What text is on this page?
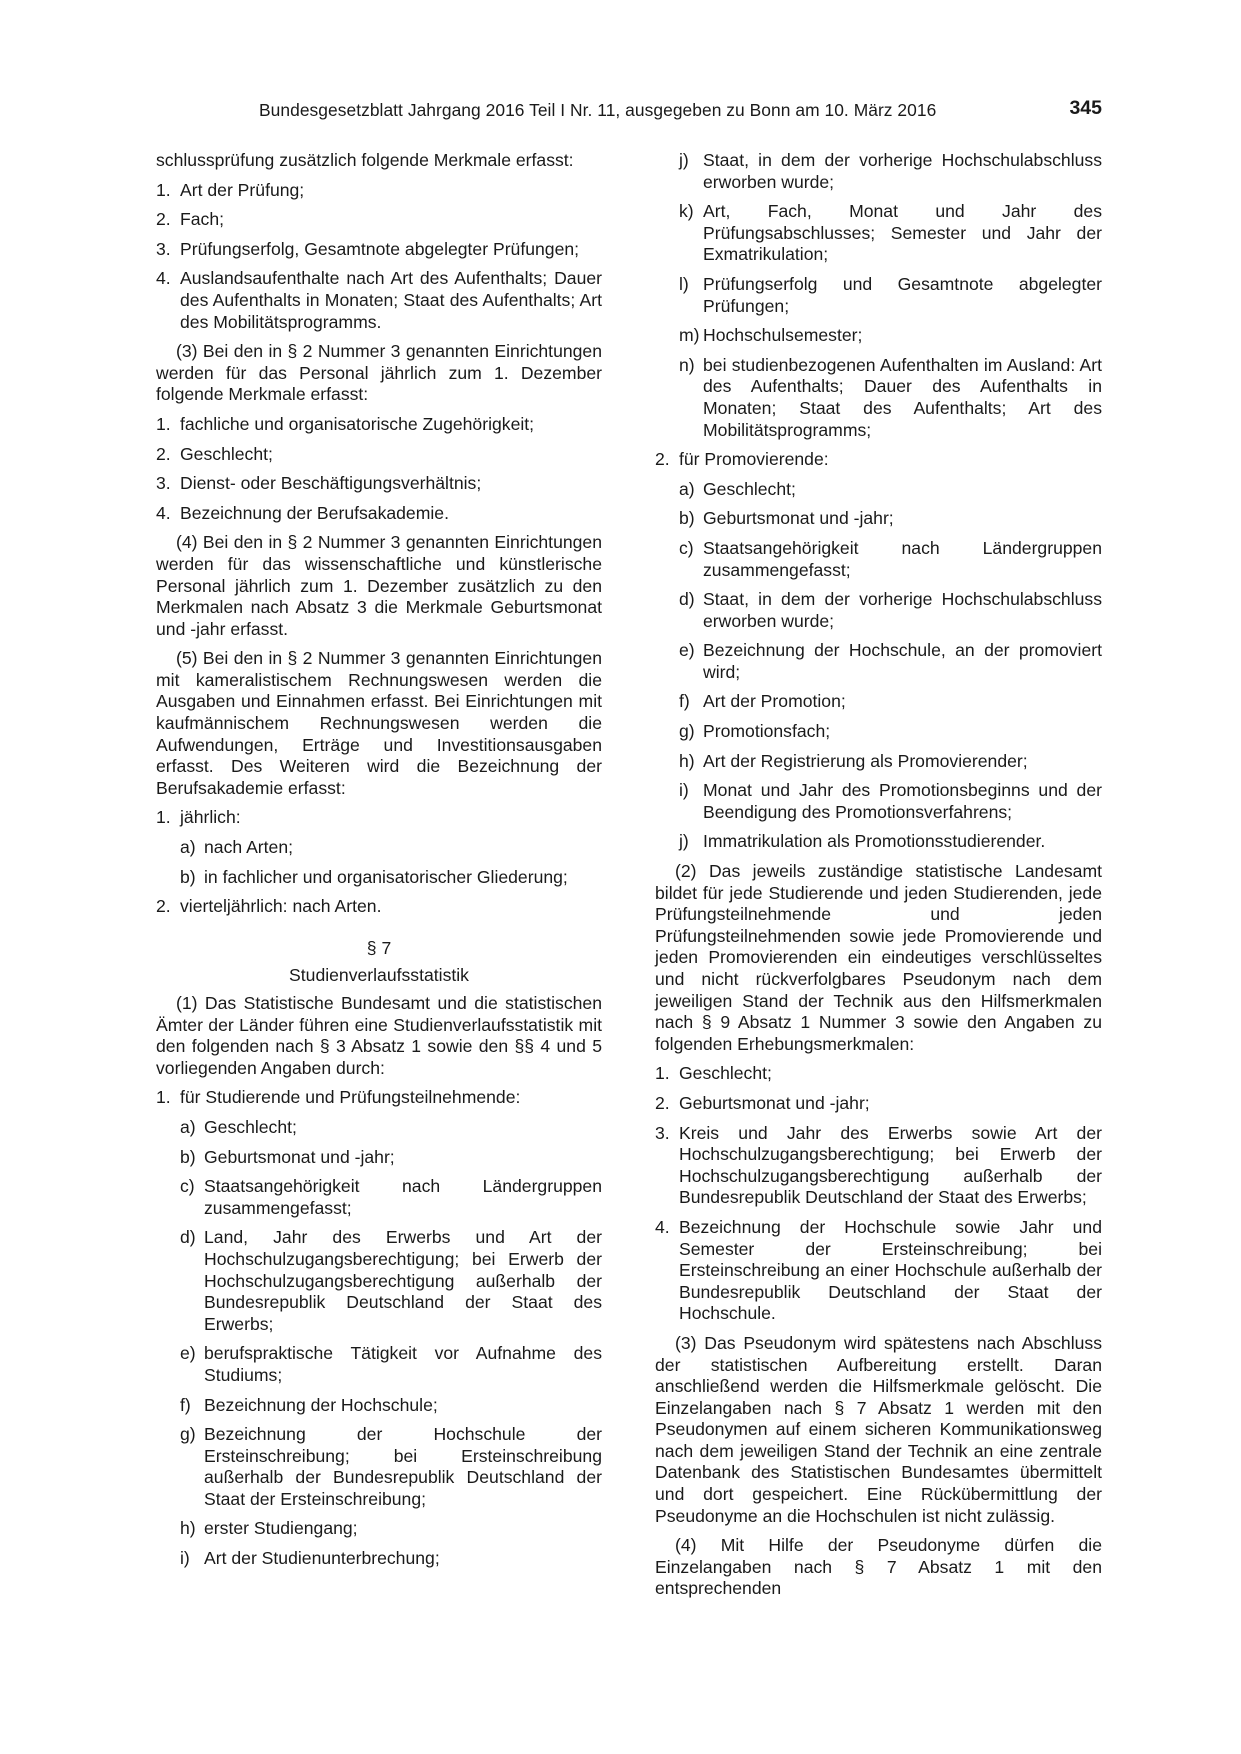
Bundesgesetzblatt Jahrgang 2016 Teil I Nr. 11, ausgegeben zu Bonn am 10. März 2016	345

schlussprüfung zusätzlich folgende Merkmale erfasst:

1. Art der Prüfung;
2. Fach;
3. Prüfungserfolg, Gesamtnote abgelegter Prüfungen;
4. Auslandsaufenthalte nach Art des Aufenthalts; Dauer des Aufenthalts in Monaten; Staat des Aufenthalts; Art des Mobilitätsprogramms.

(3) Bei den in § 2 Nummer 3 genannten Einrichtungen werden für das Personal jährlich zum 1. Dezember folgende Merkmale erfasst:

1. fachliche und organisatorische Zugehörigkeit;
2. Geschlecht;
3. Dienst- oder Beschäftigungsverhältnis;
4. Bezeichnung der Berufsakademie.

(4) Bei den in § 2 Nummer 3 genannten Einrichtungen werden für das wissenschaftliche und künstlerische Personal jährlich zum 1. Dezember zusätzlich zu den Merkmalen nach Absatz 3 die Merkmale Geburtsmonat und -jahr erfasst.

(5) Bei den in § 2 Nummer 3 genannten Einrichtungen mit kameralistischem Rechnungswesen werden die Ausgaben und Einnahmen erfasst. Bei Einrichtungen mit kaufmännischem Rechnungswesen werden die Aufwendungen, Erträge und Investitionsausgaben erfasst. Des Weiteren wird die Bezeichnung der Berufsakademie erfasst:

1. jährlich:
a) nach Arten;
b) in fachlicher und organisatorischer Gliederung;
2. vierteljährlich: nach Arten.

§ 7

Studienverlaufsstatistik

(1) Das Statistische Bundesamt und die statistischen Ämter der Länder führen eine Studienverlaufsstatistik mit den folgenden nach § 3 Absatz 1 sowie den §§ 4 und 5 vorliegenden Angaben durch:

1. für Studierende und Prüfungsteilnehmende:
a) Geschlecht;
b) Geburtsmonat und -jahr;
c) Staatsangehörigkeit nach Ländergruppen zusammengefasst;
d) Land, Jahr des Erwerbs und Art der Hochschulzugangsberechtigung; bei Erwerb der Hochschulzugangsberechtigung außerhalb der Bundesrepublik Deutschland der Staat des Erwerbs;
e) berufspraktische Tätigkeit vor Aufnahme des Studiums;
f) Bezeichnung der Hochschule;
g) Bezeichnung der Hochschule der Ersteinschreibung; bei Ersteinschreibung außerhalb der Bundesrepublik Deutschland der Staat der Ersteinschreibung;
h) erster Studiengang;
i) Art der Studienunterbrechung;
j) Staat, in dem der vorherige Hochschulabschluss erworben wurde;
k) Art, Fach, Monat und Jahr des Prüfungsabschlusses; Semester und Jahr der Exmatrikulation;
l) Prüfungserfolg und Gesamtnote abgelegter Prüfungen;
m) Hochschulsemester;
n) bei studienbezogenen Aufenthalten im Ausland: Art des Aufenthalts; Dauer des Aufenthalts in Monaten; Staat des Aufenthalts; Art des Mobilitätsprogramms;
2. für Promovierende:
a) Geschlecht;
b) Geburtsmonat und -jahr;
c) Staatsangehörigkeit nach Ländergruppen zusammengefasst;
d) Staat, in dem der vorherige Hochschulabschluss erworben wurde;
e) Bezeichnung der Hochschule, an der promoviert wird;
f) Art der Promotion;
g) Promotionsfach;
h) Art der Registrierung als Promovierender;
i) Monat und Jahr des Promotionsbeginns und der Beendigung des Promotionsverfahrens;
j) Immatrikulation als Promotionsstudierender.

(2) Das jeweils zuständige statistische Landesamt bildet für jede Studierende und jeden Studierenden, jede Prüfungsteilnehmende und jeden Prüfungsteilnehmenden sowie jede Promovierende und jeden Promovierenden ein eindeutiges verschlüsseltes und nicht rückverfolgbares Pseudonym nach dem jeweiligen Stand der Technik aus den Hilfsmerkmalen nach § 9 Absatz 1 Nummer 3 sowie den Angaben zu folgenden Erhebungsmerkmalen:

1. Geschlecht;
2. Geburtsmonat und -jahr;
3. Kreis und Jahr des Erwerbs sowie Art der Hochschulzugangsberechtigung; bei Erwerb der Hochschulzugangsberechtigung außerhalb der Bundesrepublik Deutschland der Staat des Erwerbs;
4. Bezeichnung der Hochschule sowie Jahr und Semester der Ersteinschreibung; bei Ersteinschreibung an einer Hochschule außerhalb der Bundesrepublik Deutschland der Staat der Hochschule.

(3) Das Pseudonym wird spätestens nach Abschluss der statistischen Aufbereitung erstellt. Daran anschließend werden die Hilfsmerkmale gelöscht. Die Einzelangaben nach § 7 Absatz 1 werden mit den Pseudonymen auf einem sicheren Kommunikationsweg nach dem jeweiligen Stand der Technik an eine zentrale Datenbank des Statistischen Bundesamtes übermittelt und dort gespeichert. Eine Rückübermittlung der Pseudonyme an die Hochschulen ist nicht zulässig.

(4) Mit Hilfe der Pseudonyme dürfen die Einzelangaben nach § 7 Absatz 1 mit den entsprechenden
